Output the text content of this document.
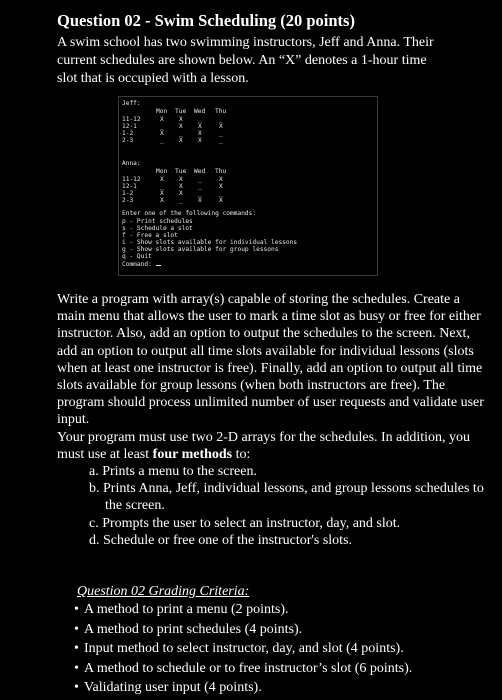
Question 02 - Swim Scheduling (20 points)
A swim school has two swimming instructors, Jeff and Anna. Their current schedules are shown below. An “X” denotes a 1-hour time slot that is occupied with a lesson.
Jeff:
Anna:
Enter one of the following commands:
p - Print schedules
s - Schedule a slot
f - Free a slot
i - Show slots available for individual lessons
g - Show slots available for group lessons
q - Quit
Command:
Mon Tue Wed Thu
11-12	X X _	_
12-1	_ X X	X
1-2	X _ X	_
2-3	_ X X	_
Mon Tue Wed Thu
11-12	X X _	X
12-1	_ X _	X
1-2	X X _	_
2-3	X _ X	X

Write a program with array(s) capable of storing the schedules. Create a main menu that allows the user to mark a time slot as busy or free for either instructor. Also, add an option to output the schedules to the screen. Next, add an option to output all time slots available for individual lessons (slots when at least one instructor is free). Finally, add an option to output all time slots available for group lessons (when both instructors are free). The program should process unlimited number of user requests and validate user input.

Your program must use two 2-D arrays for the schedules. In addition, you must use at least four methods to:

a. Prints a menu to the screen.
b. Prints Anna, Jeff, individual lessons, and group lessons schedules to the screen.
c. Prompts the user to select an instructor, day, and slot.
d. Schedule or free one of the instructor's slots.
Question 02 Grading Criteria:
• A method to print a menu (2 points).
• A method to print schedules (4 points).
• Input method to select instructor, day, and slot (4 points).
• A method to schedule or to free instructor’s slot (6 points).
• Validating user input (4 points).
